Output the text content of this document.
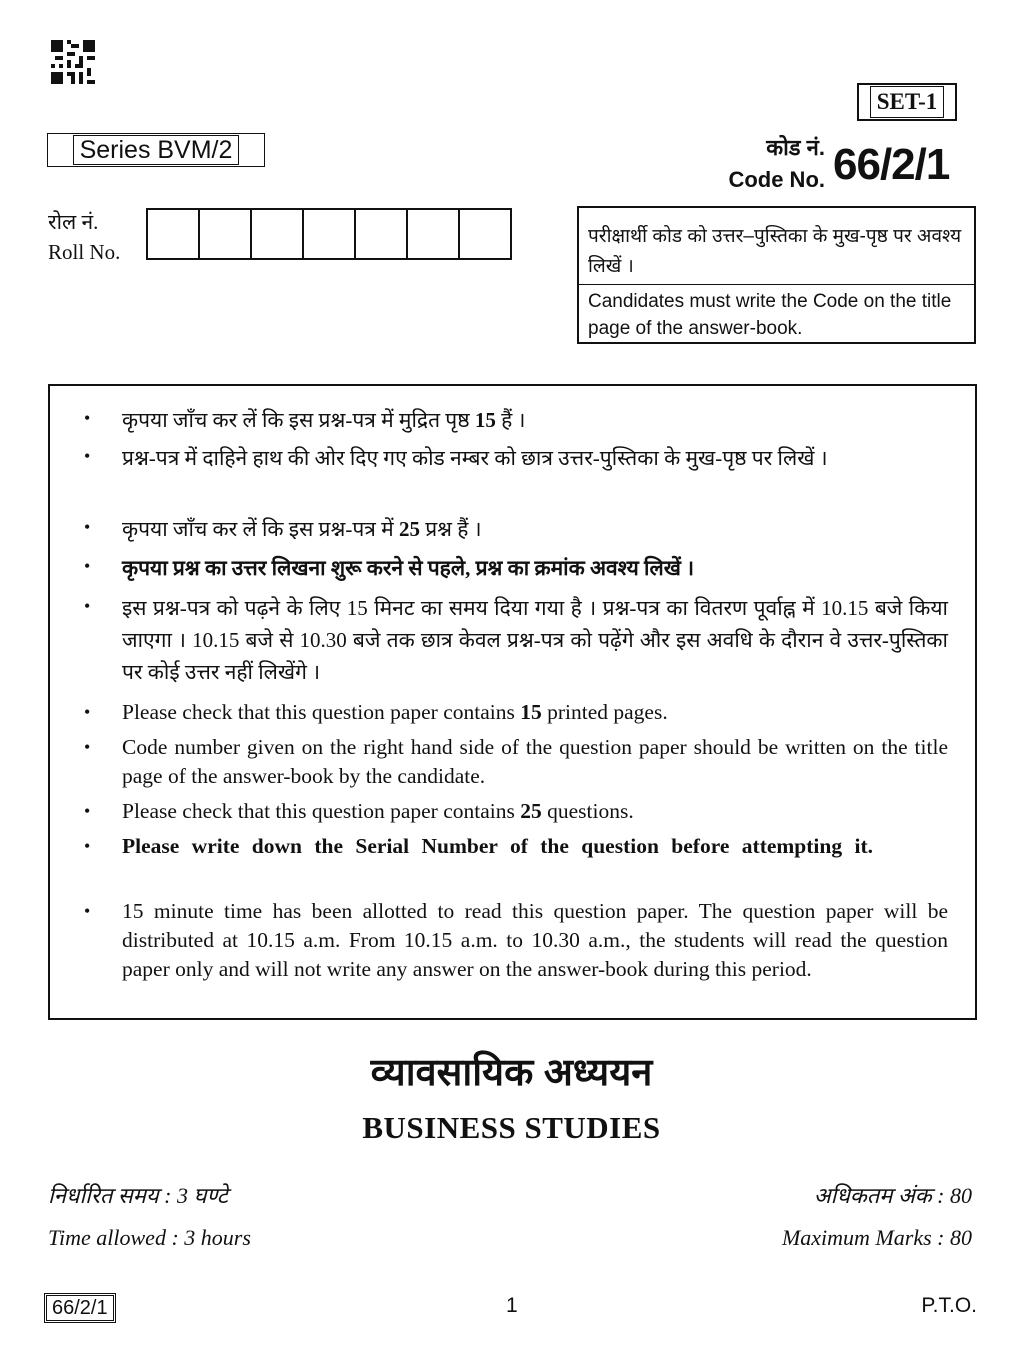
SET-1
Series BVM/2	कोड नं.
Code No. 66/2/1
रोल नं.
Roll No.

परीक्षार्थी कोड को उत्तर–पुस्तिका के मुख-पृष्ठ पर अवश्य लिखें ।

Candidates must write the Code on the title page of the answer-book.

• कृपया जाँच कर लें कि इस प्रश्न-पत्र में मुद्रित पृष्ठ 15 हैं ।
• प्रश्न-पत्र में दाहिने हाथ की ओर दिए गए कोड नम्बर को छात्र उत्तर-पुस्तिका के मुख-पृष्ठ पर लिखें ।
• कृपया जाँच कर लें कि इस प्रश्न-पत्र में 25 प्रश्न हैं ।
• कृपया प्रश्न का उत्तर लिखना शुरू करने से पहले, प्रश्न का क्रमांक अवश्य लिखें ।
• इस प्रश्न-पत्र को पढ़ने के लिए 15 मिनट का समय दिया गया है । प्रश्न-पत्र का वितरण पूर्वाह्न में 10.15 बजे किया जाएगा । 10.15 बजे से 10.30 बजे तक छात्र केवल प्रश्न-पत्र को पढ़ेंगे और इस अवधि के दौरान वे उत्तर-पुस्तिका पर कोई उत्तर नहीं लिखेंगे ।
• Please check that this question paper contains 15 printed pages.
• Code number given on the right hand side of the question paper should be written on the title page of the answer-book by the candidate.
• Please check that this question paper contains 25 questions.
• Please write down the Serial Number of the question before attempting it.
• 15 minute time has been allotted to read this question paper. The question paper will be distributed at 10.15 a.m. From 10.15 a.m. to 10.30 a.m., the students will read the question paper only and will not write any answer on the answer-book during this period.
व्यावसायिक अध्ययन
BUSINESS STUDIES
निर्धारित समय : 3 घण्टे	अधिकतम अंक : 80
Time allowed : 3 hours	Maximum Marks : 80
66/2/1	1	P.T.O.
